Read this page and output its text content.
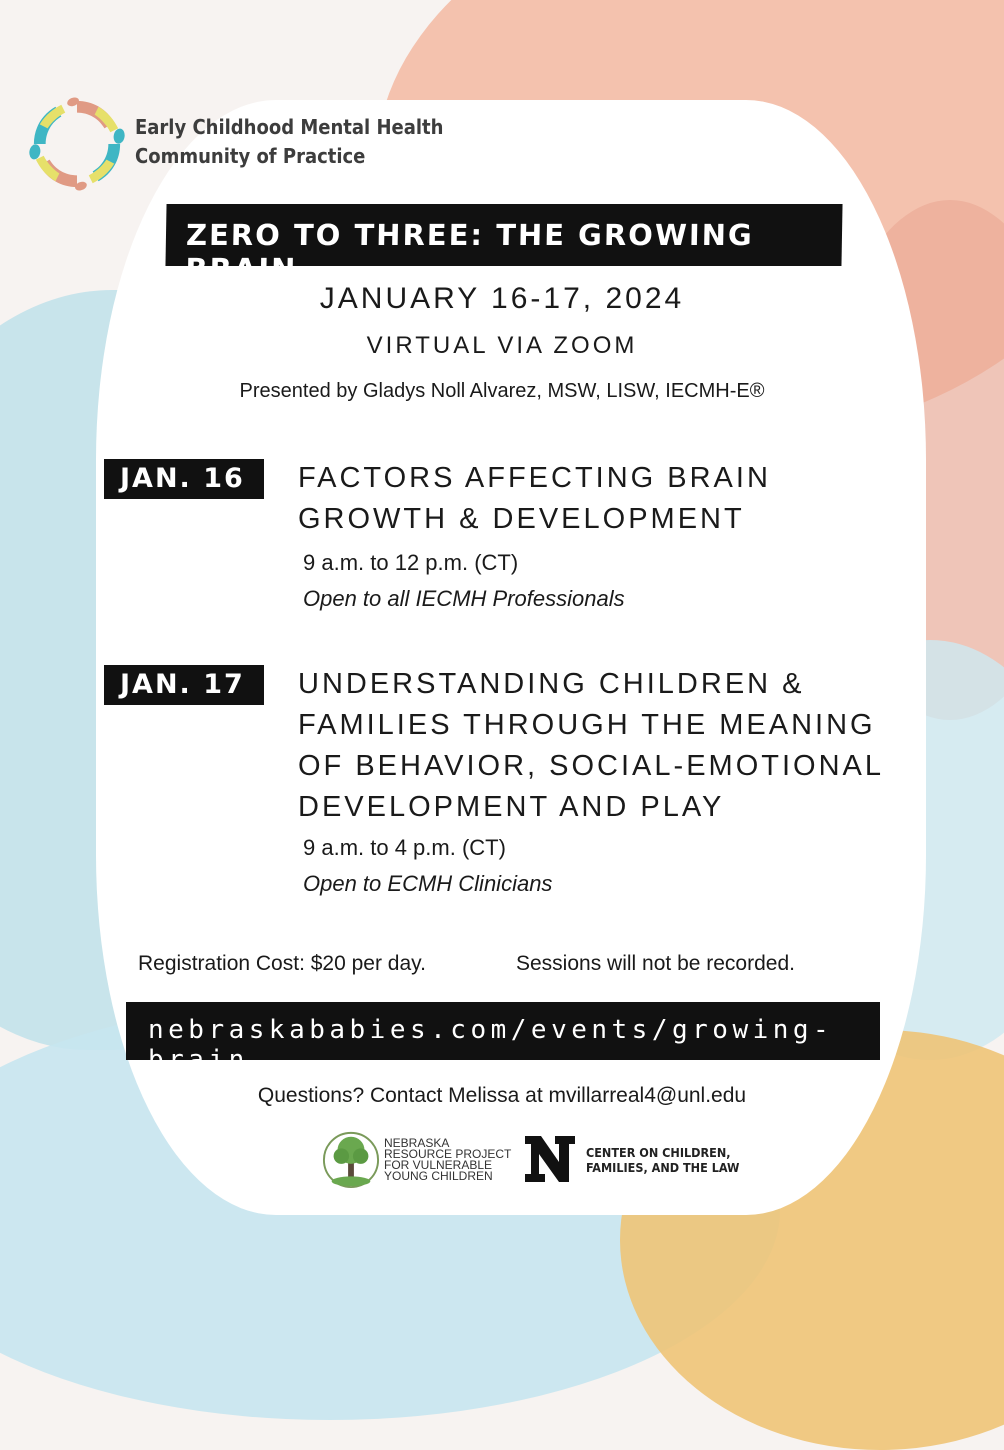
Early Childhood Mental Health
Community of Practice
ZERO TO THREE: THE GROWING BRAIN
JANUARY 16-17, 2024
VIRTUAL VIA ZOOM
Presented by Gladys Noll Alvarez, MSW, LISW, IECMH-E®
JAN. 16	FACTORS AFFECTING BRAIN
GROWTH & DEVELOPMENT
9 a.m. to 12 p.m. (CT)
Open to all IECMH Professionals
JAN. 17	UNDERSTANDING CHILDREN &
FAMILIES THROUGH THE MEANING
OF BEHAVIOR, SOCIAL-EMOTIONAL
DEVELOPMENT AND PLAY
9 a.m. to 4 p.m. (CT)
Open to ECMH Clinicians
Registration Cost: $20 per day.	Sessions will not be recorded.
nebraskababies.com/events/growing-brain
Questions? Contact Melissa at mvillarreal4@unl.edu
NEBRASKA
RESOURCE PROJECT
FOR VULNERABLE
YOUNG CHILDREN
CENTER ON CHILDREN,
FAMILIES, AND THE LAW
